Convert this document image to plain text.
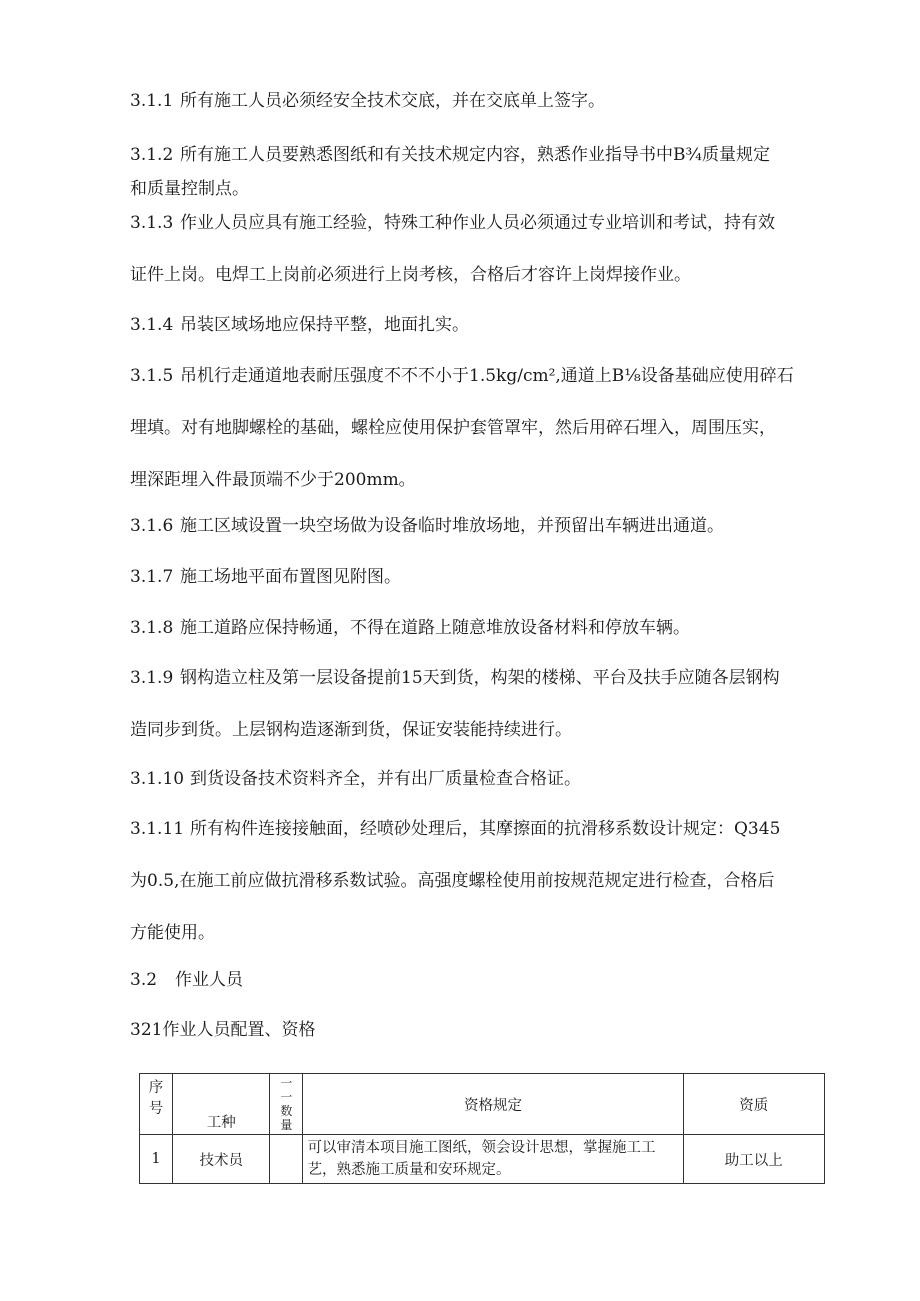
3.1.1 所有施工人员必须经安全技术交底，并在交底单上签字。

3.1.2 所有施工人员要熟悉图纸和有关技术规定内容，熟悉作业指导书中B¾质量规定
和质量控制点。

3.1.3 作业人员应具有施工经验，特殊工种作业人员必须通过专业培训和考试，持有效
证件上岗。电焊工上岗前必须进行上岗考核，合格后才容许上岗焊接作业。

3.1.4 吊装区域场地应保持平整，地面扎实。

3.1.5 吊机行走通道地表耐压强度不不不小于1.5kg/cm²,通道上B⅛设备基础应使用碎石
埋填。对有地脚螺栓的基础，螺栓应使用保护套管罩牢，然后用碎石埋入，周围压实，
埋深距埋入件最顶端不少于200mm。

3.1.6 施工区域设置一块空场做为设备临时堆放场地，并预留出车辆进出通道。

3.1.7 施工场地平面布置图见附图。

3.1.8 施工道路应保持畅通，不得在道路上随意堆放设备材料和停放车辆。

3.1.9 钢构造立柱及第一层设备提前15天到货，构架的楼梯、平台及扶手应随各层钢构
造同步到货。上层钢构造逐渐到货，保证安装能持续进行。

3.1.10 到货设备技术资料齐全，并有出厂质量检查合格证。

3.1.11 所有构件连接接触面，经喷砂处理后，其摩擦面的抗滑移系数设计规定：Q345
为0.5,在施工前应做抗滑移系数试验。高强度螺栓使用前按规范规定进行检查，合格后
方能使用。

3.2 作业人员

321作业人员配置、资格

序号	工种	一 一
数
量	资格规定	资质
1	技术员		可以审清本项目施工图纸，领会设计思想，掌握施工工
艺，熟悉施工质量和安环规定。	助工以上
